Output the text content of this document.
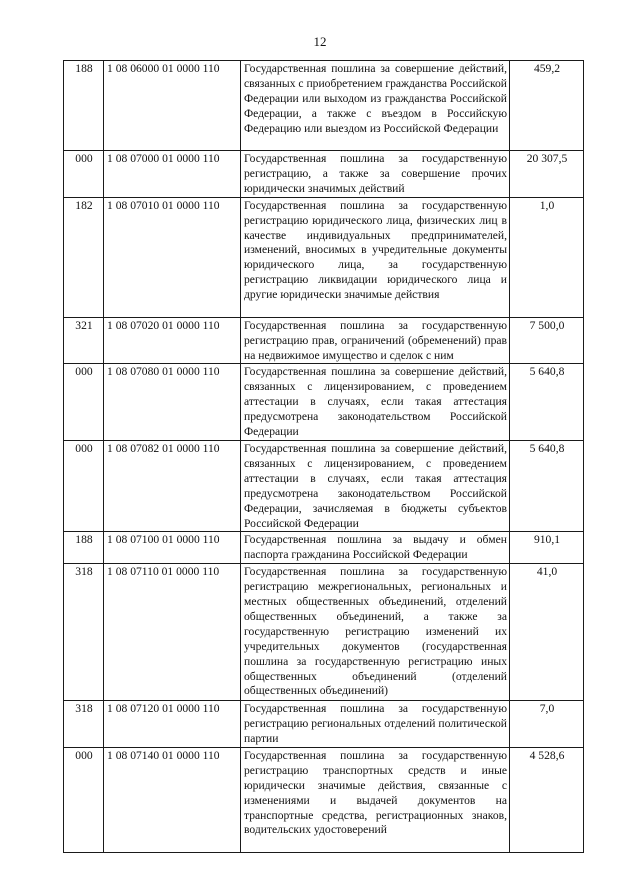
12
188	1 08 06000 01 0000 110	Государственная пошлина за совершение действий, связанных с приобретением гражданства Российской Федерации или выходом из гражданства Российской Федерации, а также с въездом в Российскую Федерацию или выездом из Российской Федерации	459,2
000	1 08 07000 01 0000 110	Государственная пошлина за государственную регистрацию, а также за совершение прочих юридически значимых действий	20 307,5
182	1 08 07010 01 0000 110	Государственная пошлина за государственную регистрацию юридического лица, физических лиц в качестве индивидуальных предпринимателей, изменений, вносимых в учредительные документы юридического лица, за государственную регистрацию ликвидации юридического лица и другие юридически значимые действия	1,0
321	1 08 07020 01 0000 110	Государственная пошлина за государственную регистрацию прав, ограничений (обременений) прав на недвижимое имущество и сделок с ним	7 500,0
000	1 08 07080 01 0000 110	Государственная пошлина за совершение действий, связанных с лицензированием, с проведением аттестации в случаях, если такая аттестация предусмотрена законодательством Российской Федерации	5 640,8
000	1 08 07082 01 0000 110	Государственная пошлина за совершение действий, связанных с лицензированием, с проведением аттестации в случаях, если такая аттестация предусмотрена законодательством Российской Федерации, зачисляемая в бюджеты субъектов Российской Федерации	5 640,8
188	1 08 07100 01 0000 110	Государственная пошлина за выдачу и обмен паспорта гражданина Российской Федерации	910,1
318	1 08 07110 01 0000 110	Государственная пошлина за государственную регистрацию межрегиональных, региональных и местных общественных объединений, отделений общественных объединений, а также за государственную регистрацию изменений их учредительных документов (государственная пошлина за государственную регистрацию иных общественных объединений (отделений общественных объединений)	41,0
318	1 08 07120 01 0000 110	Государственная пошлина за государственную регистрацию региональных отделений политической партии	7,0
000	1 08 07140 01 0000 110	Государственная пошлина за государственную регистрацию транспортных средств и иные юридически значимые действия, связанные с изменениями и выдачей документов на транспортные средства, регистрационных знаков, водительских удостоверений	4 528,6
